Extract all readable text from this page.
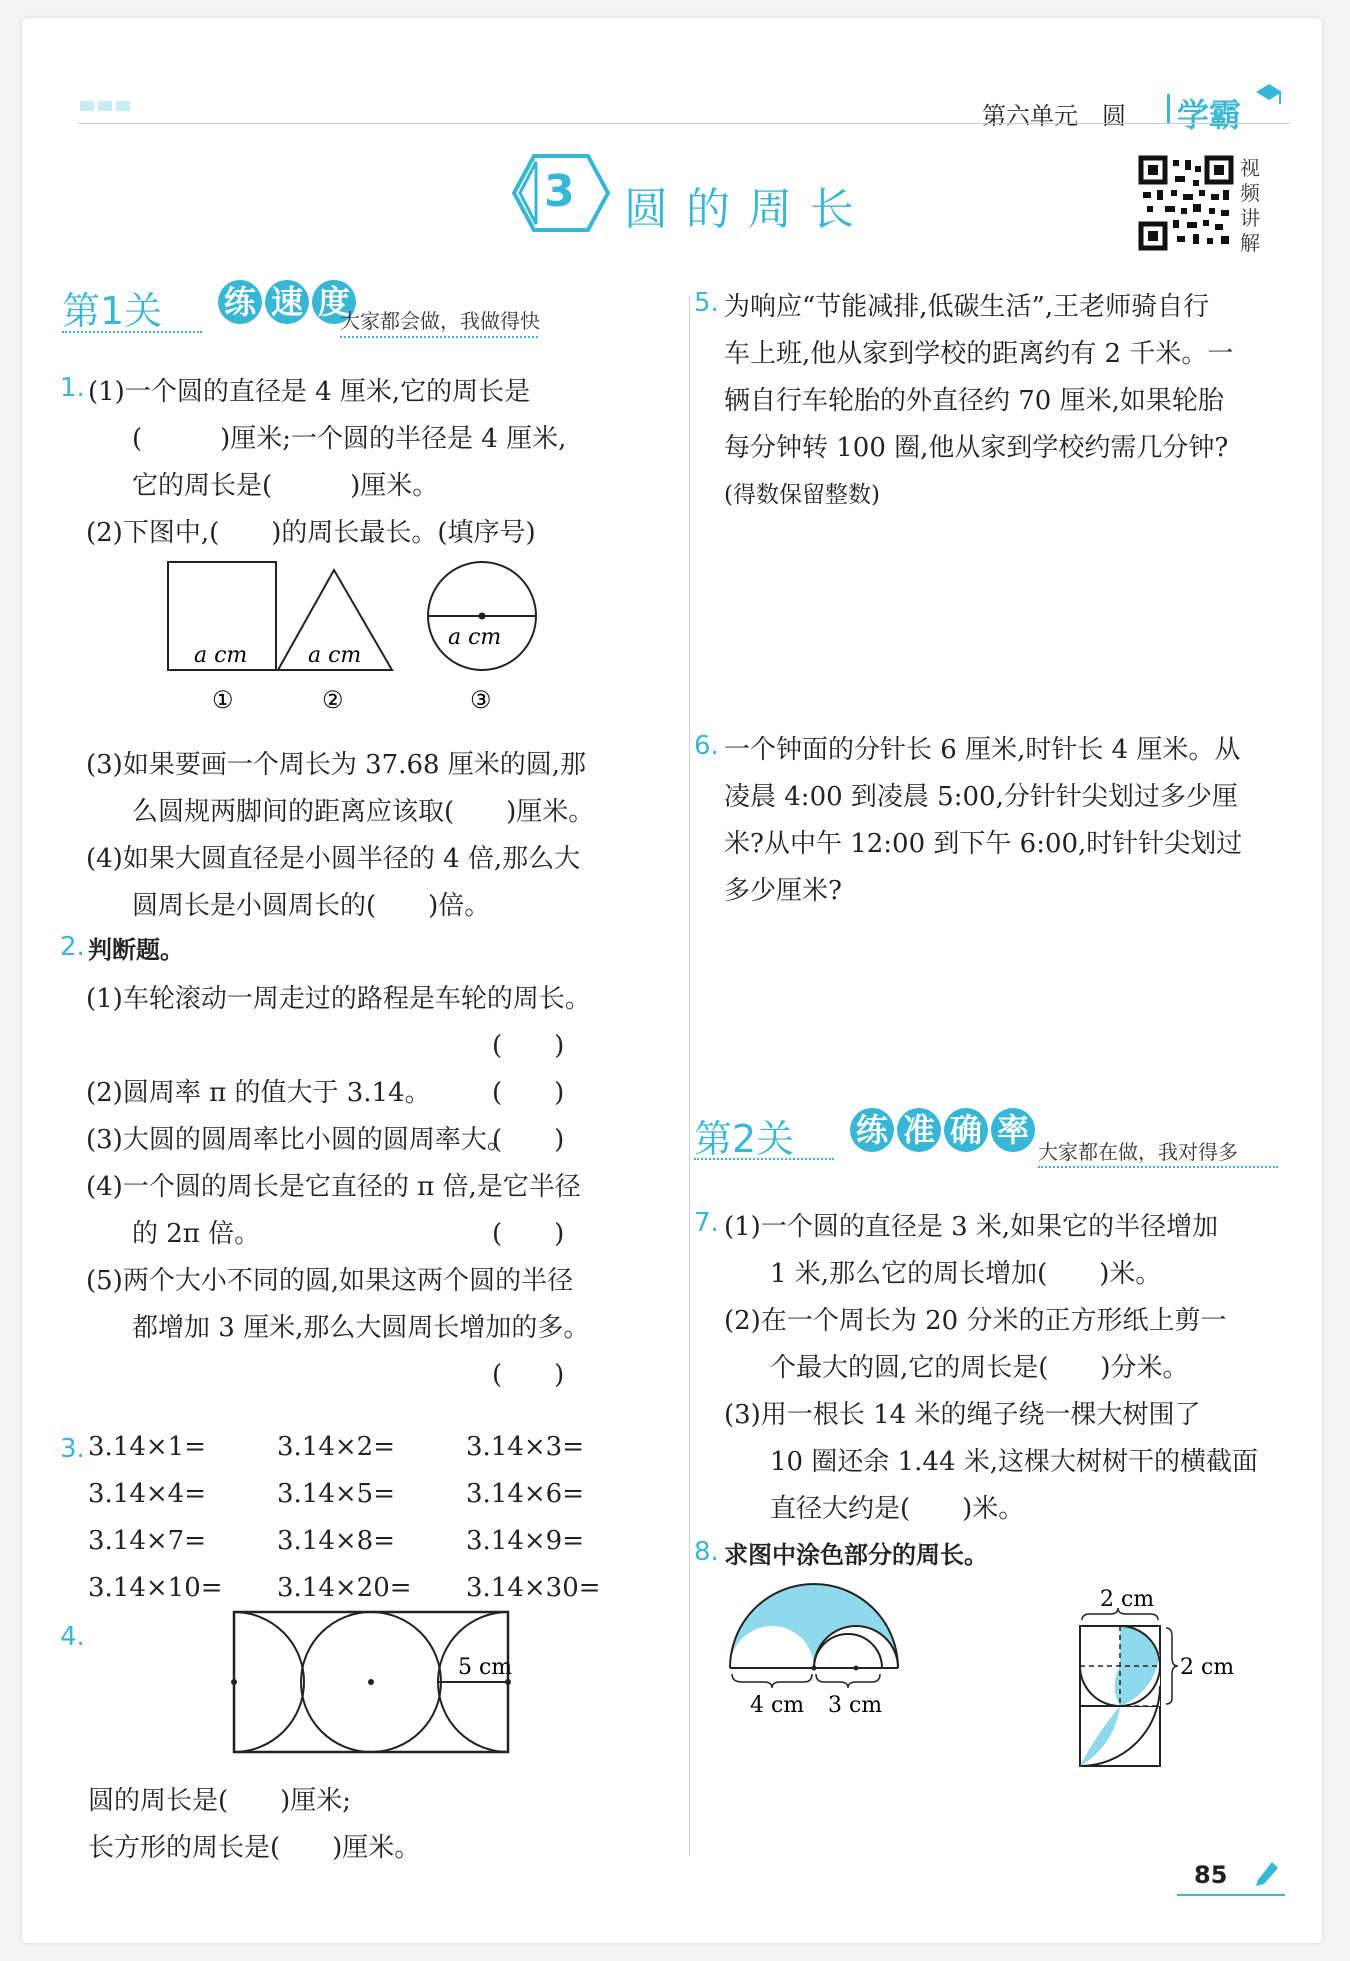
第六单元　圆 学霸
3 圆的周长
视频讲解
第1关 练 速 度
大家都会做，我做得快
1. (1)一个圆的直径是 4 厘米,它的周长是
(　　　)厘米;一个圆的半径是 4 厘米,
它的周长是(　　　)厘米。
(2)下图中,(　　)的周长最长。(填序号)
a cm	a cm
a cm
①	②	③
(3)如果要画一个周长为 37.68 厘米的圆,那
么圆规两脚间的距离应该取(　　)厘米。
(4)如果大圆直径是小圆半径的 4 倍,那么大
圆周长是小圆周长的(　　)倍。
2. 判断题。
(1)车轮滚动一周走过的路程是车轮的周长。
(　　)
(2)圆周率 π 的值大于 3.14。 (　　)
(3)大圆的圆周率比小圆的圆周率大。
(　　)
(4)一个圆的周长是它直径的 π 倍,是它半径
的 2π 倍。	(　　)
(5)两个大小不同的圆,如果这两个圆的半径
都增加 3 厘米,那么大圆周长增加的多。
(　　)
3. 3.14×1=	3.14×2=	3.14×3=
3.14×4=	3.14×5=	3.14×6=
3.14×7=	3.14×8=	3.14×9=
3.14×10= 3.14×20= 3.14×30=
4.
5 cm
圆的周长是(　　)厘米;
长方形的周长是(　　)厘米。
5. 为响应“节能减排,低碳生活”,王老师骑自行
车上班,他从家到学校的距离约有 2 千米。一
辆自行车轮胎的外直径约 70 厘米,如果轮胎
每分钟转 100 圈,他从家到学校约需几分钟?
(得数保留整数)
6. 一个钟面的分针长 6 厘米,时针长 4 厘米。从
凌晨 4:00 到凌晨 5:00,分针针尖划过多少厘
米?从中午 12:00 到下午 6:00,时针针尖划过
多少厘米?
第2关 练 准 确 率
大家都在做，我对得多
7. (1)一个圆的直径是 3 米,如果它的半径增加
1 米,那么它的周长增加(　　)米。
(2)在一个周长为 20 分米的正方形纸上剪一
个最大的圆,它的周长是(　　)分米。
(3)用一根长 14 米的绳子绕一棵大树围了
10 圈还余 1.44 米,这棵大树树干的横截面
直径大约是(　　)米。
8. 求图中涂色部分的周长。
4 cm 3 cm
2 cm
2 cm
85
